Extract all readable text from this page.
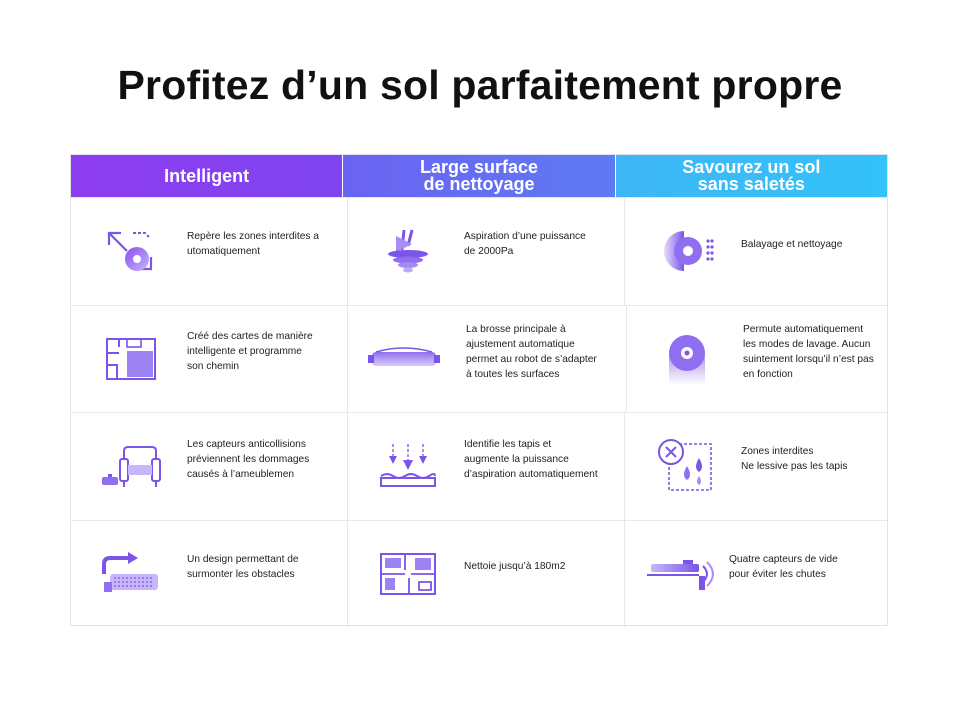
Profitez d’un sol parfaitement propre
Intelligent	Large surface
de nettoyage
Savourez un sol
sans saletés
Repère les zones interdites a
utomatiquement
Aspiration d’une puissance
de 2000Pa
Balayage et nettoyage
Créé des cartes de manière
intelligente et programme
son chemin
La brosse principale à
ajustement automatique
permet au robot de s’adapter
à toutes les surfaces
Permute automatiquement
les modes de lavage. Aucun
suintement lorsqu’il n’est pas
en fonction
Les capteurs anticollisions
préviennent les dommages
causés à l’ameublemen
Identifie les tapis et
augmente la puissance
d’aspiration automatiquement
Zones interdites
Ne lessive pas les tapis
Un design permettant de
surmonter les obstacles
Nettoie jusqu’à 180m2
Quatre capteurs de vide
pour éviter les chutes
